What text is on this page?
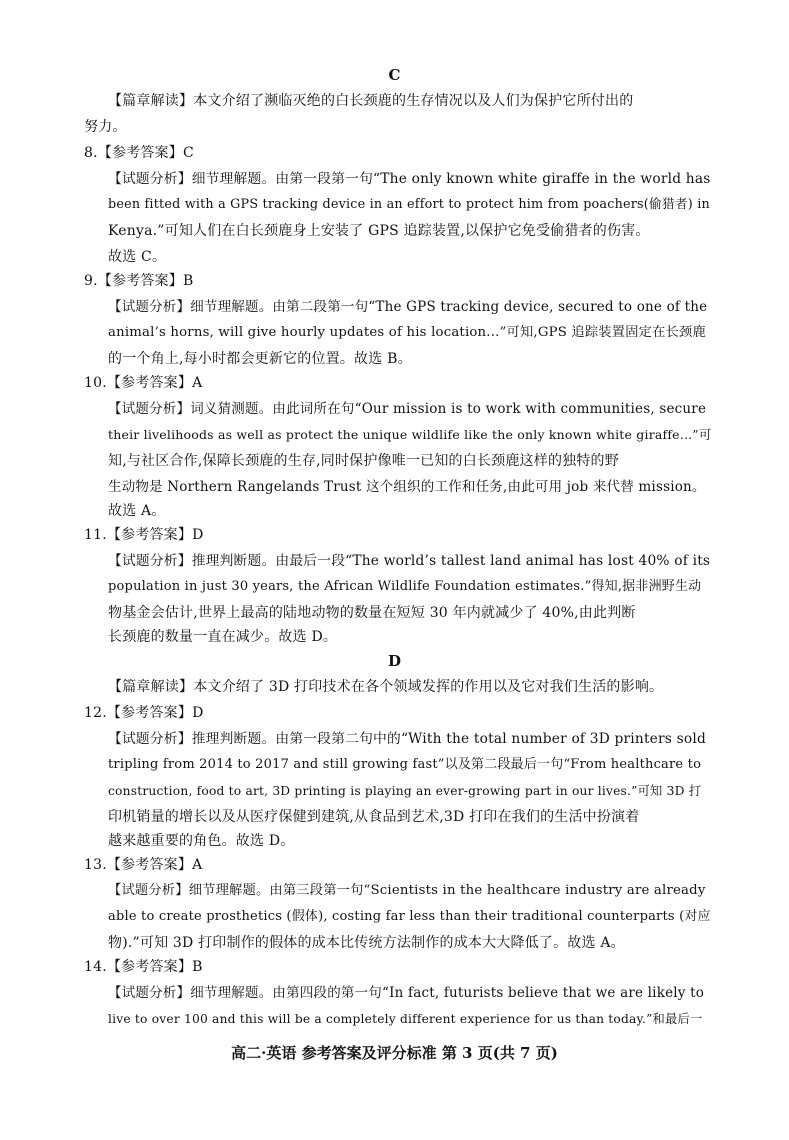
C
【篇章解读】本文介绍了濒临灭绝的白长颈鹿的生存情况以及人们为保护它所付出的
努力。
8.【参考答案】C
【试题分析】细节理解题。由第一段第一句“The only known white giraffe in the world has
been fitted with a GPS tracking device in an effort to protect him from poachers(偷猎者) in
Kenya.”可知人们在白长颈鹿身上安装了 GPS 追踪装置,以保护它免受偷猎者的伤害。
故选 C。
9.【参考答案】B
【试题分析】细节理解题。由第二段第一句“The GPS tracking device, secured to one of the
animal’s horns, will give hourly updates of his location...”可知,GPS 追踪装置固定在长颈鹿
的一个角上,每小时都会更新它的位置。故选 B。
10.【参考答案】A
【试题分析】词义猜测题。由此词所在句“Our mission is to work with communities, secure
their livelihoods as well as protect the unique wildlife like the only known white giraffe...”可
知,与社区合作,保障长颈鹿的生存,同时保护像唯一已知的白长颈鹿这样的独特的野
生动物是 Northern Rangelands Trust 这个组织的工作和任务,由此可用 job 来代替 mission。
故选 A。
11.【参考答案】D
【试题分析】推理判断题。由最后一段“The world’s tallest land animal has lost 40% of its
population in just 30 years, the African Wildlife Foundation estimates.”得知,据非洲野生动
物基金会估计,世界上最高的陆地动物的数量在短短 30 年内就减少了 40%,由此判断
长颈鹿的数量一直在减少。故选 D。
D
【篇章解读】本文介绍了 3D 打印技术在各个领域发挥的作用以及它对我们生活的影响。
12.【参考答案】D
【试题分析】推理判断题。由第一段第二句中的“With the total number of 3D printers sold
tripling from 2014 to 2017 and still growing fast”以及第二段最后一句“From healthcare to
construction, food to art, 3D printing is playing an ever-growing part in our lives.”可知 3D 打
印机销量的增长以及从医疗保健到建筑,从食品到艺术,3D 打印在我们的生活中扮演着
越来越重要的角色。故选 D。
13.【参考答案】A
【试题分析】细节理解题。由第三段第一句“Scientists in the healthcare industry are already
able to create prosthetics (假体), costing far less than their traditional counterparts (对应
物).”可知 3D 打印制作的假体的成本比传统方法制作的成本大大降低了。故选 A。
14.【参考答案】B
【试题分析】细节理解题。由第四段的第一句“In fact, futurists believe that we are likely to
live to over 100 and this will be a completely different experience for us than today.”和最后一
高二·英语 参考答案及评分标准 第 3 页(共 7 页)
